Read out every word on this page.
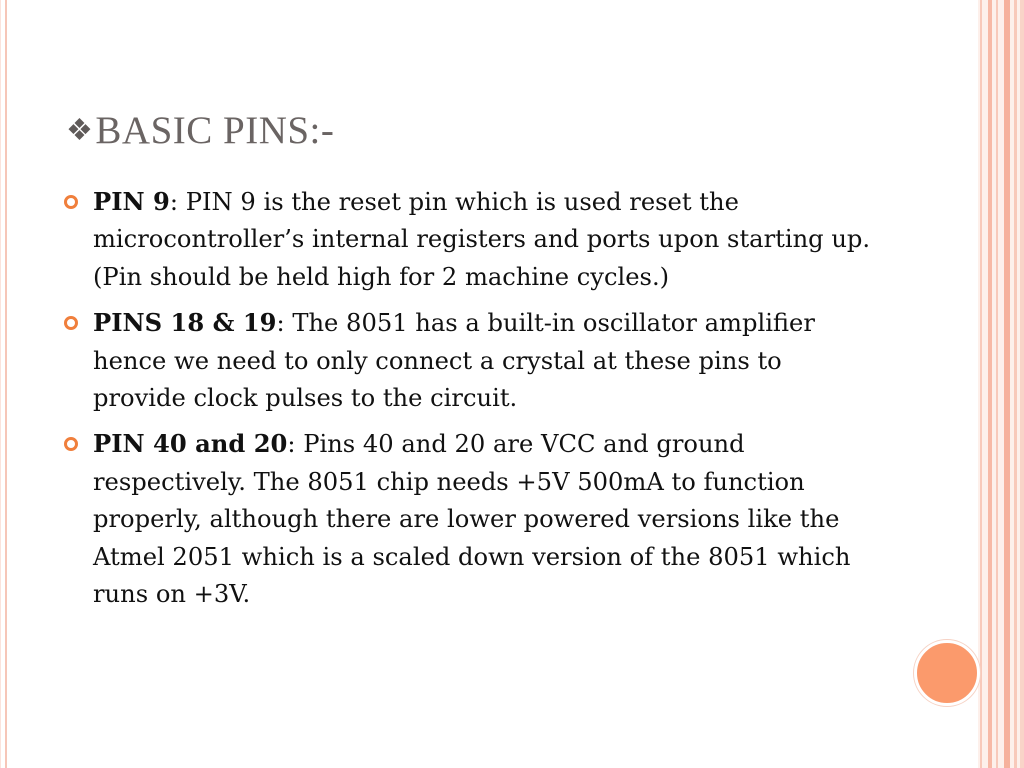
❖BASIC PINS:-
PIN 9: PIN 9 is the reset pin which is used reset the microcontroller’s internal registers and ports upon starting up. (Pin should be held high for 2 machine cycles.)
PINS 18 & 19: The 8051 has a built-in oscillator amplifier hence we need to only connect a crystal at these pins to provide clock pulses to the circuit.
PIN 40 and 20: Pins 40 and 20 are VCC and ground respectively. The 8051 chip needs +5V 500mA to function properly, although there are lower powered versions like the Atmel 2051 which is a scaled down version of the 8051 which runs on +3V.
